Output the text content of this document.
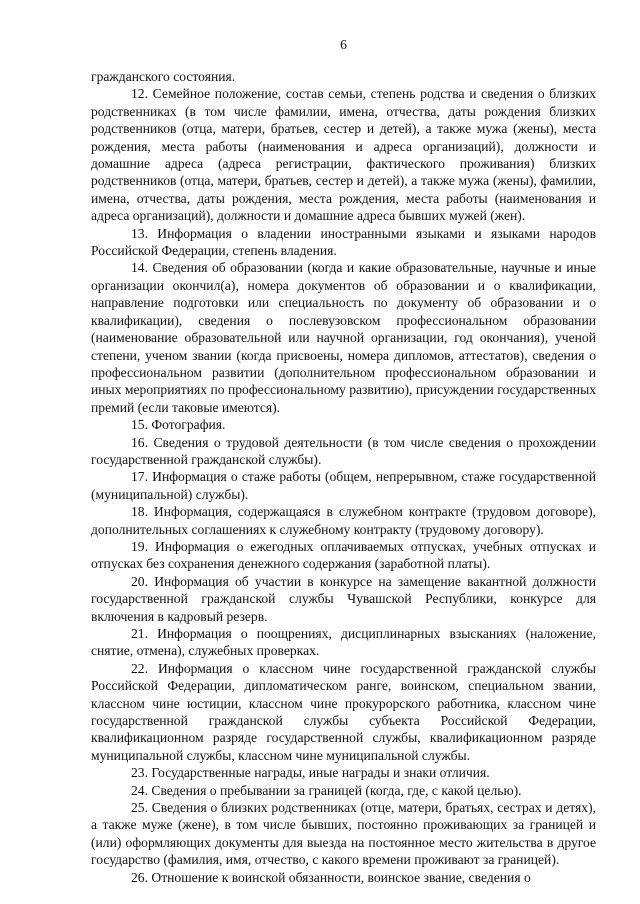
6

гражданского состояния.

12. Семейное положение, состав семьи, степень родства и сведения о близких родственниках (в том числе фамилии, имена, отчества, даты рождения близких родственников (отца, матери, братьев, сестер и детей), а также мужа (жены), места рождения, места работы (наименования и адреса организаций), должности и домашние адреса (адреса регистрации, фактического проживания) близких родственников (отца, матери, братьев, сестер и детей), а также мужа (жены), фамилии, имена, отчества, даты рождения, места рождения, места работы (наименования и адреса организаций), должности и домашние адреса бывших мужей (жен).

13. Информация о владении иностранными языками и языками народов Российской Федерации, степень владения.

14. Сведения об образовании (когда и какие образовательные, научные и иные организации окончил(а), номера документов об образовании и о квалификации, направление подготовки или специальность по документу об образовании и о квалификации), сведения о послевузовском профессиональном образовании (наименование образовательной или научной организации, год окончания), ученой степени, ученом звании (когда присвоены, номера дипломов, аттестатов), сведения о профессиональном развитии (дополнительном профессиональном образовании и иных мероприятиях по профессиональному развитию), присуждении государственных премий (если таковые имеются).

15. Фотография.

16. Сведения о трудовой деятельности (в том числе сведения о прохождении государственной гражданской службы).

17. Информация о стаже работы (общем, непрерывном, стаже государственной (муниципальной) службы).

18. Информация, содержащаяся в служебном контракте (трудовом договоре), дополнительных соглашениях к служебному контракту (трудовому договору).

19. Информация о ежегодных оплачиваемых отпусках, учебных отпусках и отпусках без сохранения денежного содержания (заработной платы).

20. Информация об участии в конкурсе на замещение вакантной должности государственной гражданской службы Чувашской Республики, конкурсе для включения в кадровый резерв.

21. Информация о поощрениях, дисциплинарных взысканиях (наложение, снятие, отмена), служебных проверках.

22. Информация о классном чине государственной гражданской службы Российской Федерации, дипломатическом ранге, воинском, специальном звании, классном чине юстиции, классном чине прокурорского работника, классном чине государственной гражданской службы субъекта Российской Федерации, квалификационном разряде государственной службы, квалификационном разряде муниципальной службы, классном чине муниципальной службы.

23. Государственные награды, иные награды и знаки отличия.

24. Сведения о пребывании за границей (когда, где, с какой целью).

25. Сведения о близких родственниках (отце, матери, братьях, сестрах и детях), а также муже (жене), в том числе бывших, постоянно проживающих за границей и (или) оформляющих документы для выезда на постоянное место жительства в другое государство (фамилия, имя, отчество, с какого времени проживают за границей).

26. Отношение к воинской обязанности, воинское звание, сведения о
